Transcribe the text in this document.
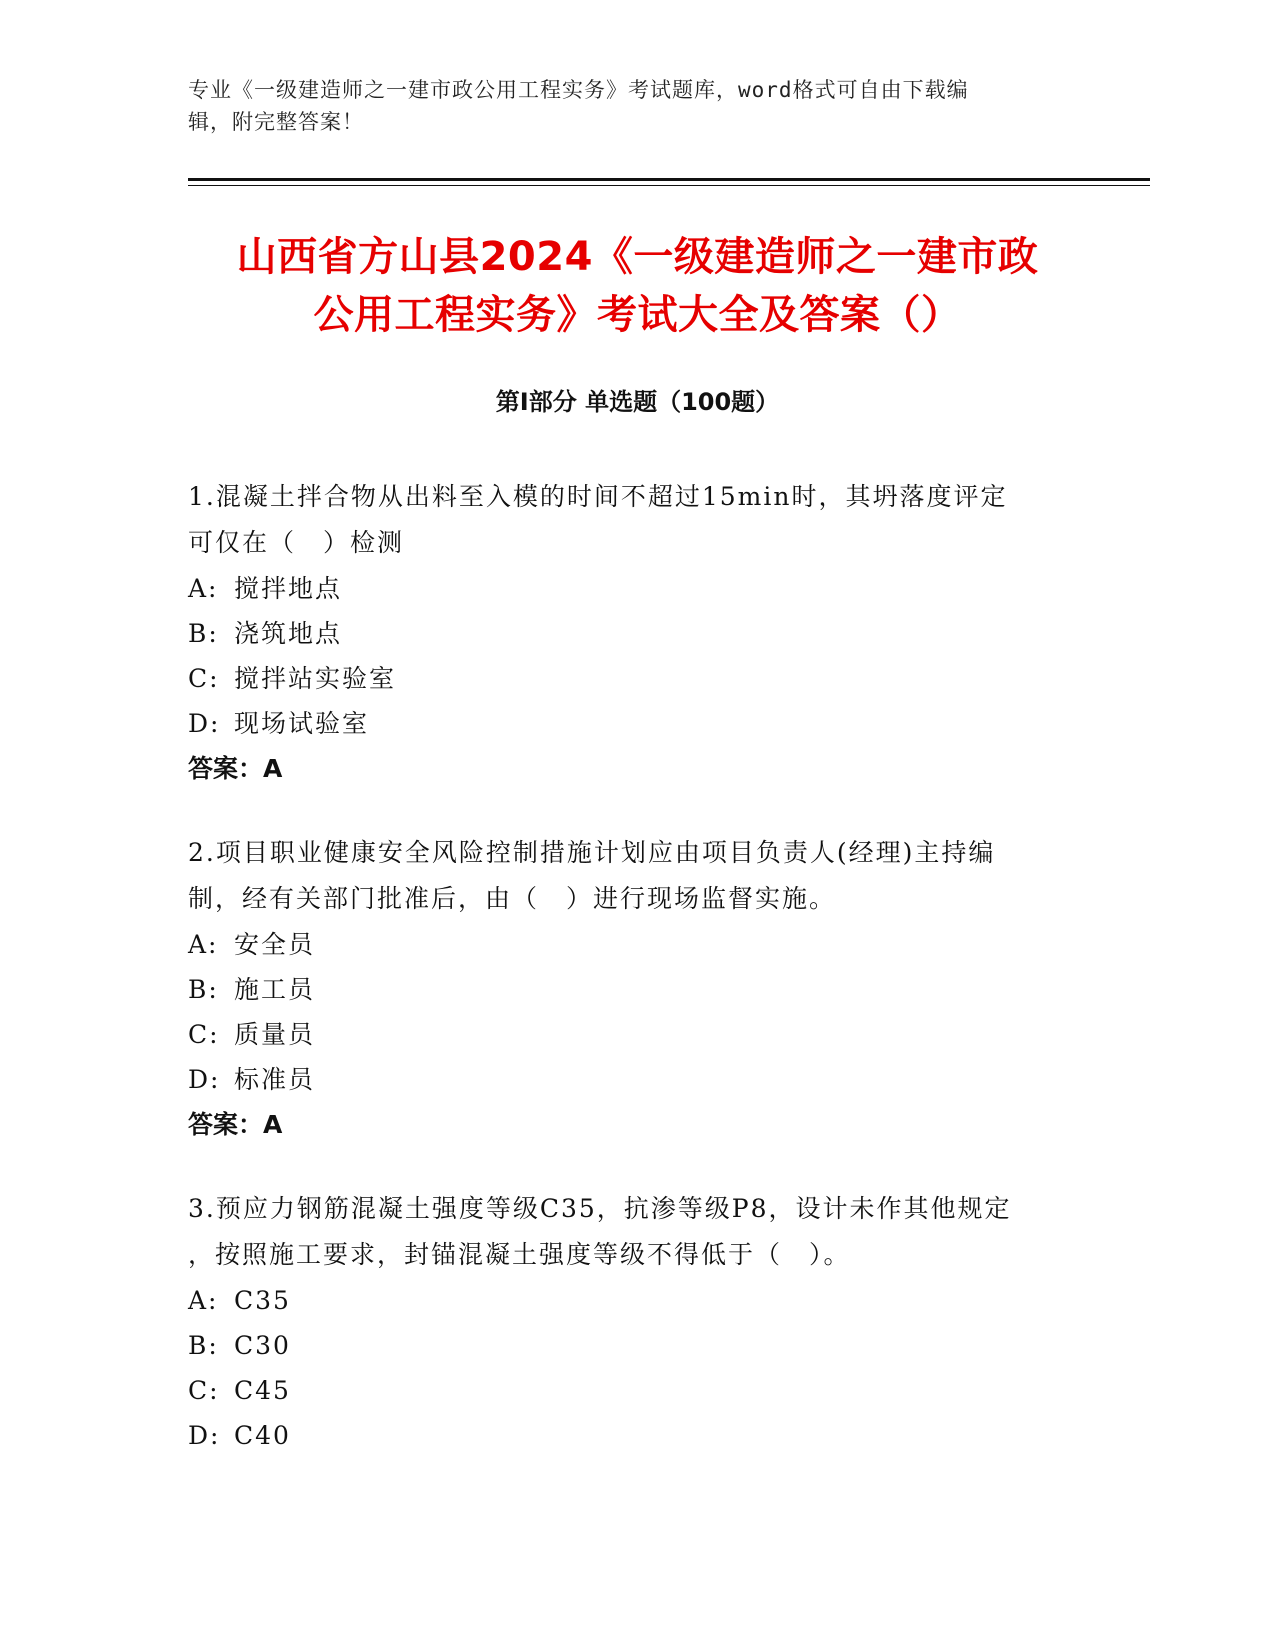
专业《一级建造师之一建市政公用工程实务》考试题库，word格式可自由下载编
辑，附完整答案！
山西省方山县2024《一级建造师之一建市政
公用工程实务》考试大全及答案（）
第Ⅰ部分 单选题（100题）

1.混凝土拌合物从出料至入模的时间不超过15min时，其坍落度评定

可仅在（　）检测

A: 搅拌地点
B: 浇筑地点
C: 搅拌站实验室
D: 现场试验室
答案：A

2.项目职业健康安全风险控制措施计划应由项目负责人(经理)主持编

制，经有关部门批准后，由（　）进行现场监督实施。

A: 安全员
B: 施工员
C: 质量员
D: 标准员
答案：A

3.预应力钢筋混凝土强度等级C35，抗渗等级P8，设计未作其他规定

，按照施工要求，封锚混凝土强度等级不得低于（　）。

A: C35
B: C30
C: C45
D: C40
